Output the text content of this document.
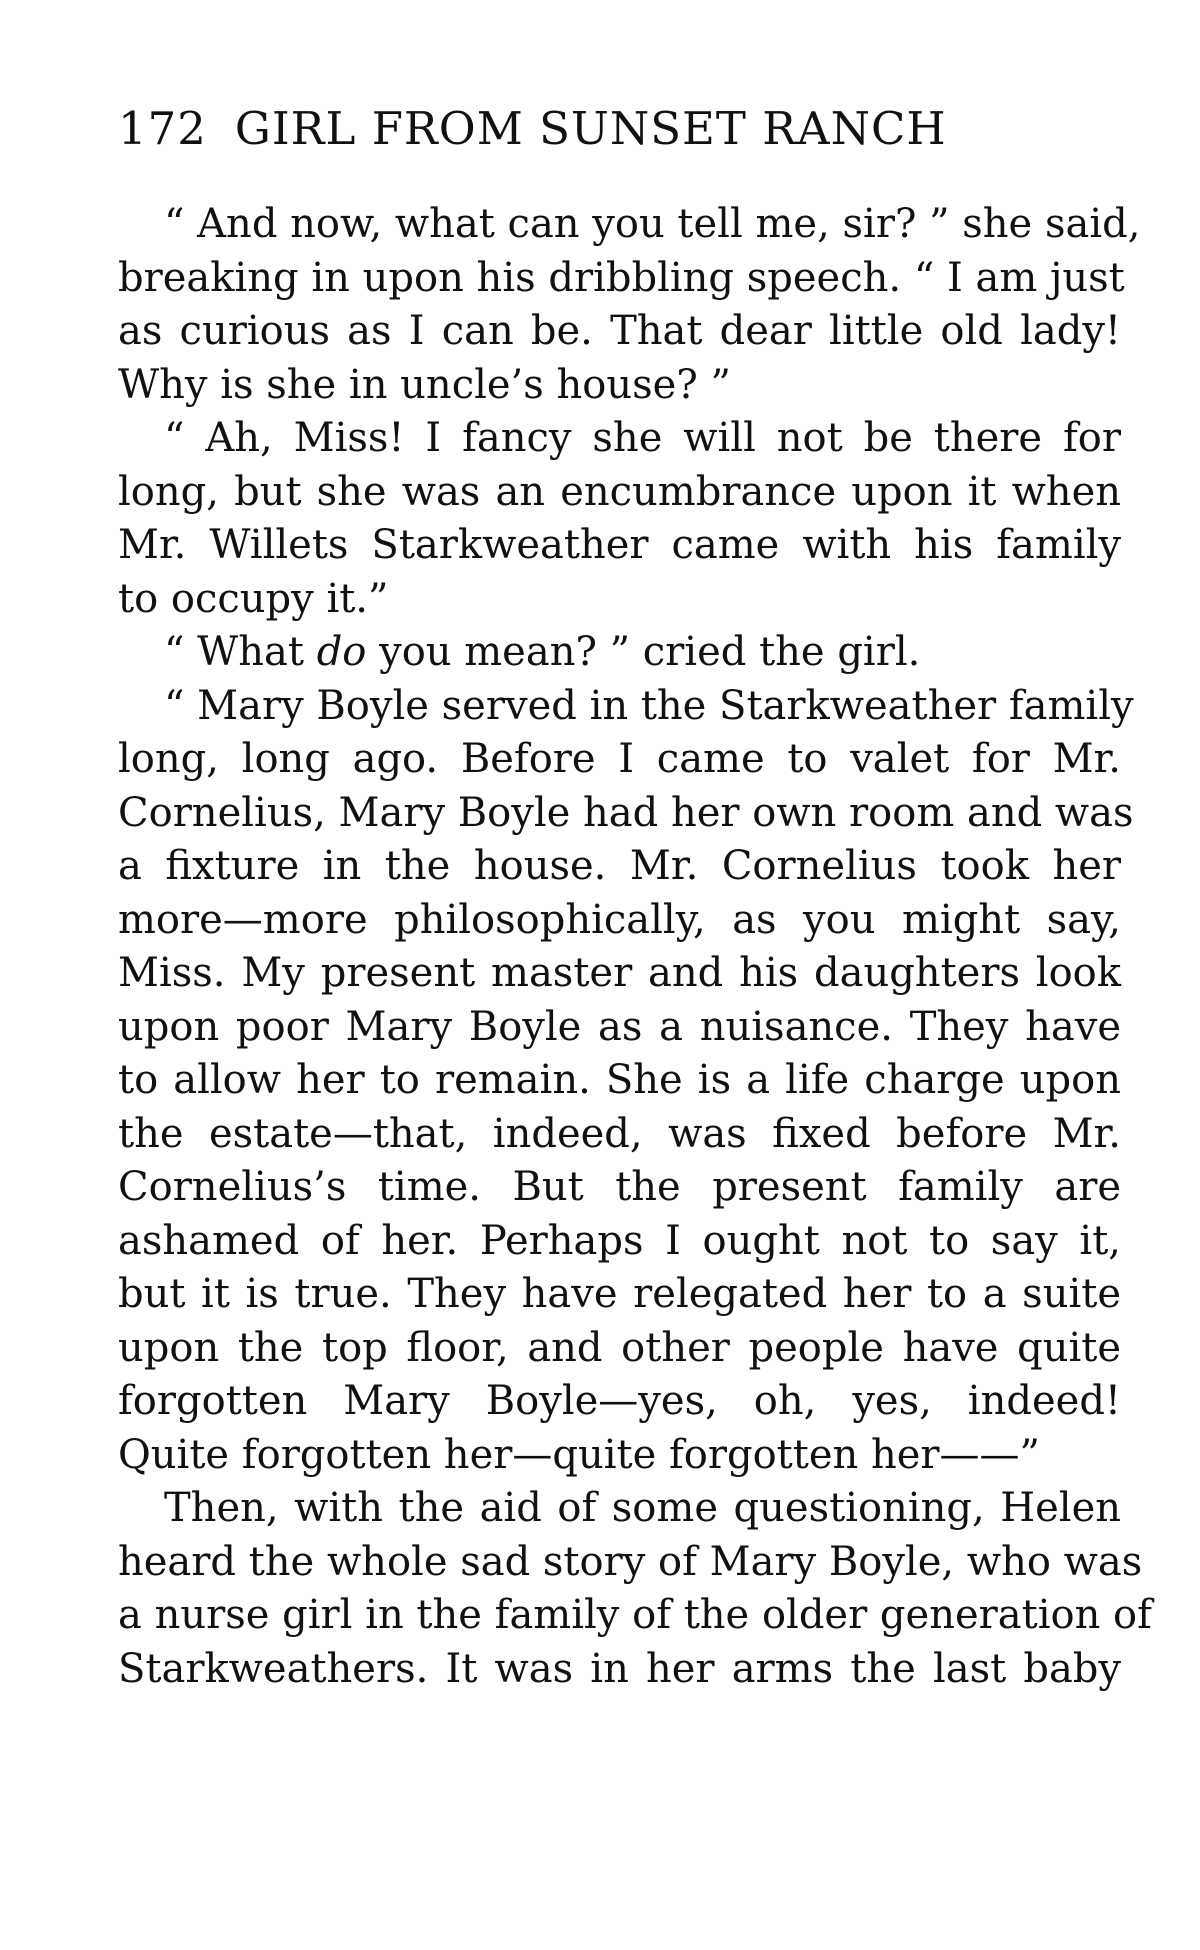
172 GIRL FROM SUNSET RANCH
“ And now, what can you tell me, sir? ” she said,
breaking in upon his dribbling speech. “ I am just
as curious as I can be. That dear little old lady!
Why is she in uncle’s house? ”
“ Ah, Miss! I fancy she will not be there for
long, but she was an encumbrance upon it when
Mr. Willets Starkweather came with his family
to occupy it.”
“ What do you mean? ” cried the girl.
“ Mary Boyle served in the Starkweather family
long, long ago. Before I came to valet for Mr.
Cornelius, Mary Boyle had her own room and was
a fixture in the house. Mr. Cornelius took her
more—more philosophically, as you might say,
Miss. My present master and his daughters look
upon poor Mary Boyle as a nuisance. They have
to allow her to remain. She is a life charge upon
the estate—that, indeed, was fixed before Mr.
Cornelius’s time. But the present family are
ashamed of her. Perhaps I ought not to say it,
but it is true. They have relegated her to a suite
upon the top floor, and other people have quite
forgotten Mary Boyle—yes, oh, yes, indeed!
Quite forgotten her—quite forgotten her——”
Then, with the aid of some questioning, Helen
heard the whole sad story of Mary Boyle, who was
a nurse girl in the family of the older generation of
Starkweathers. It was in her arms the last baby
